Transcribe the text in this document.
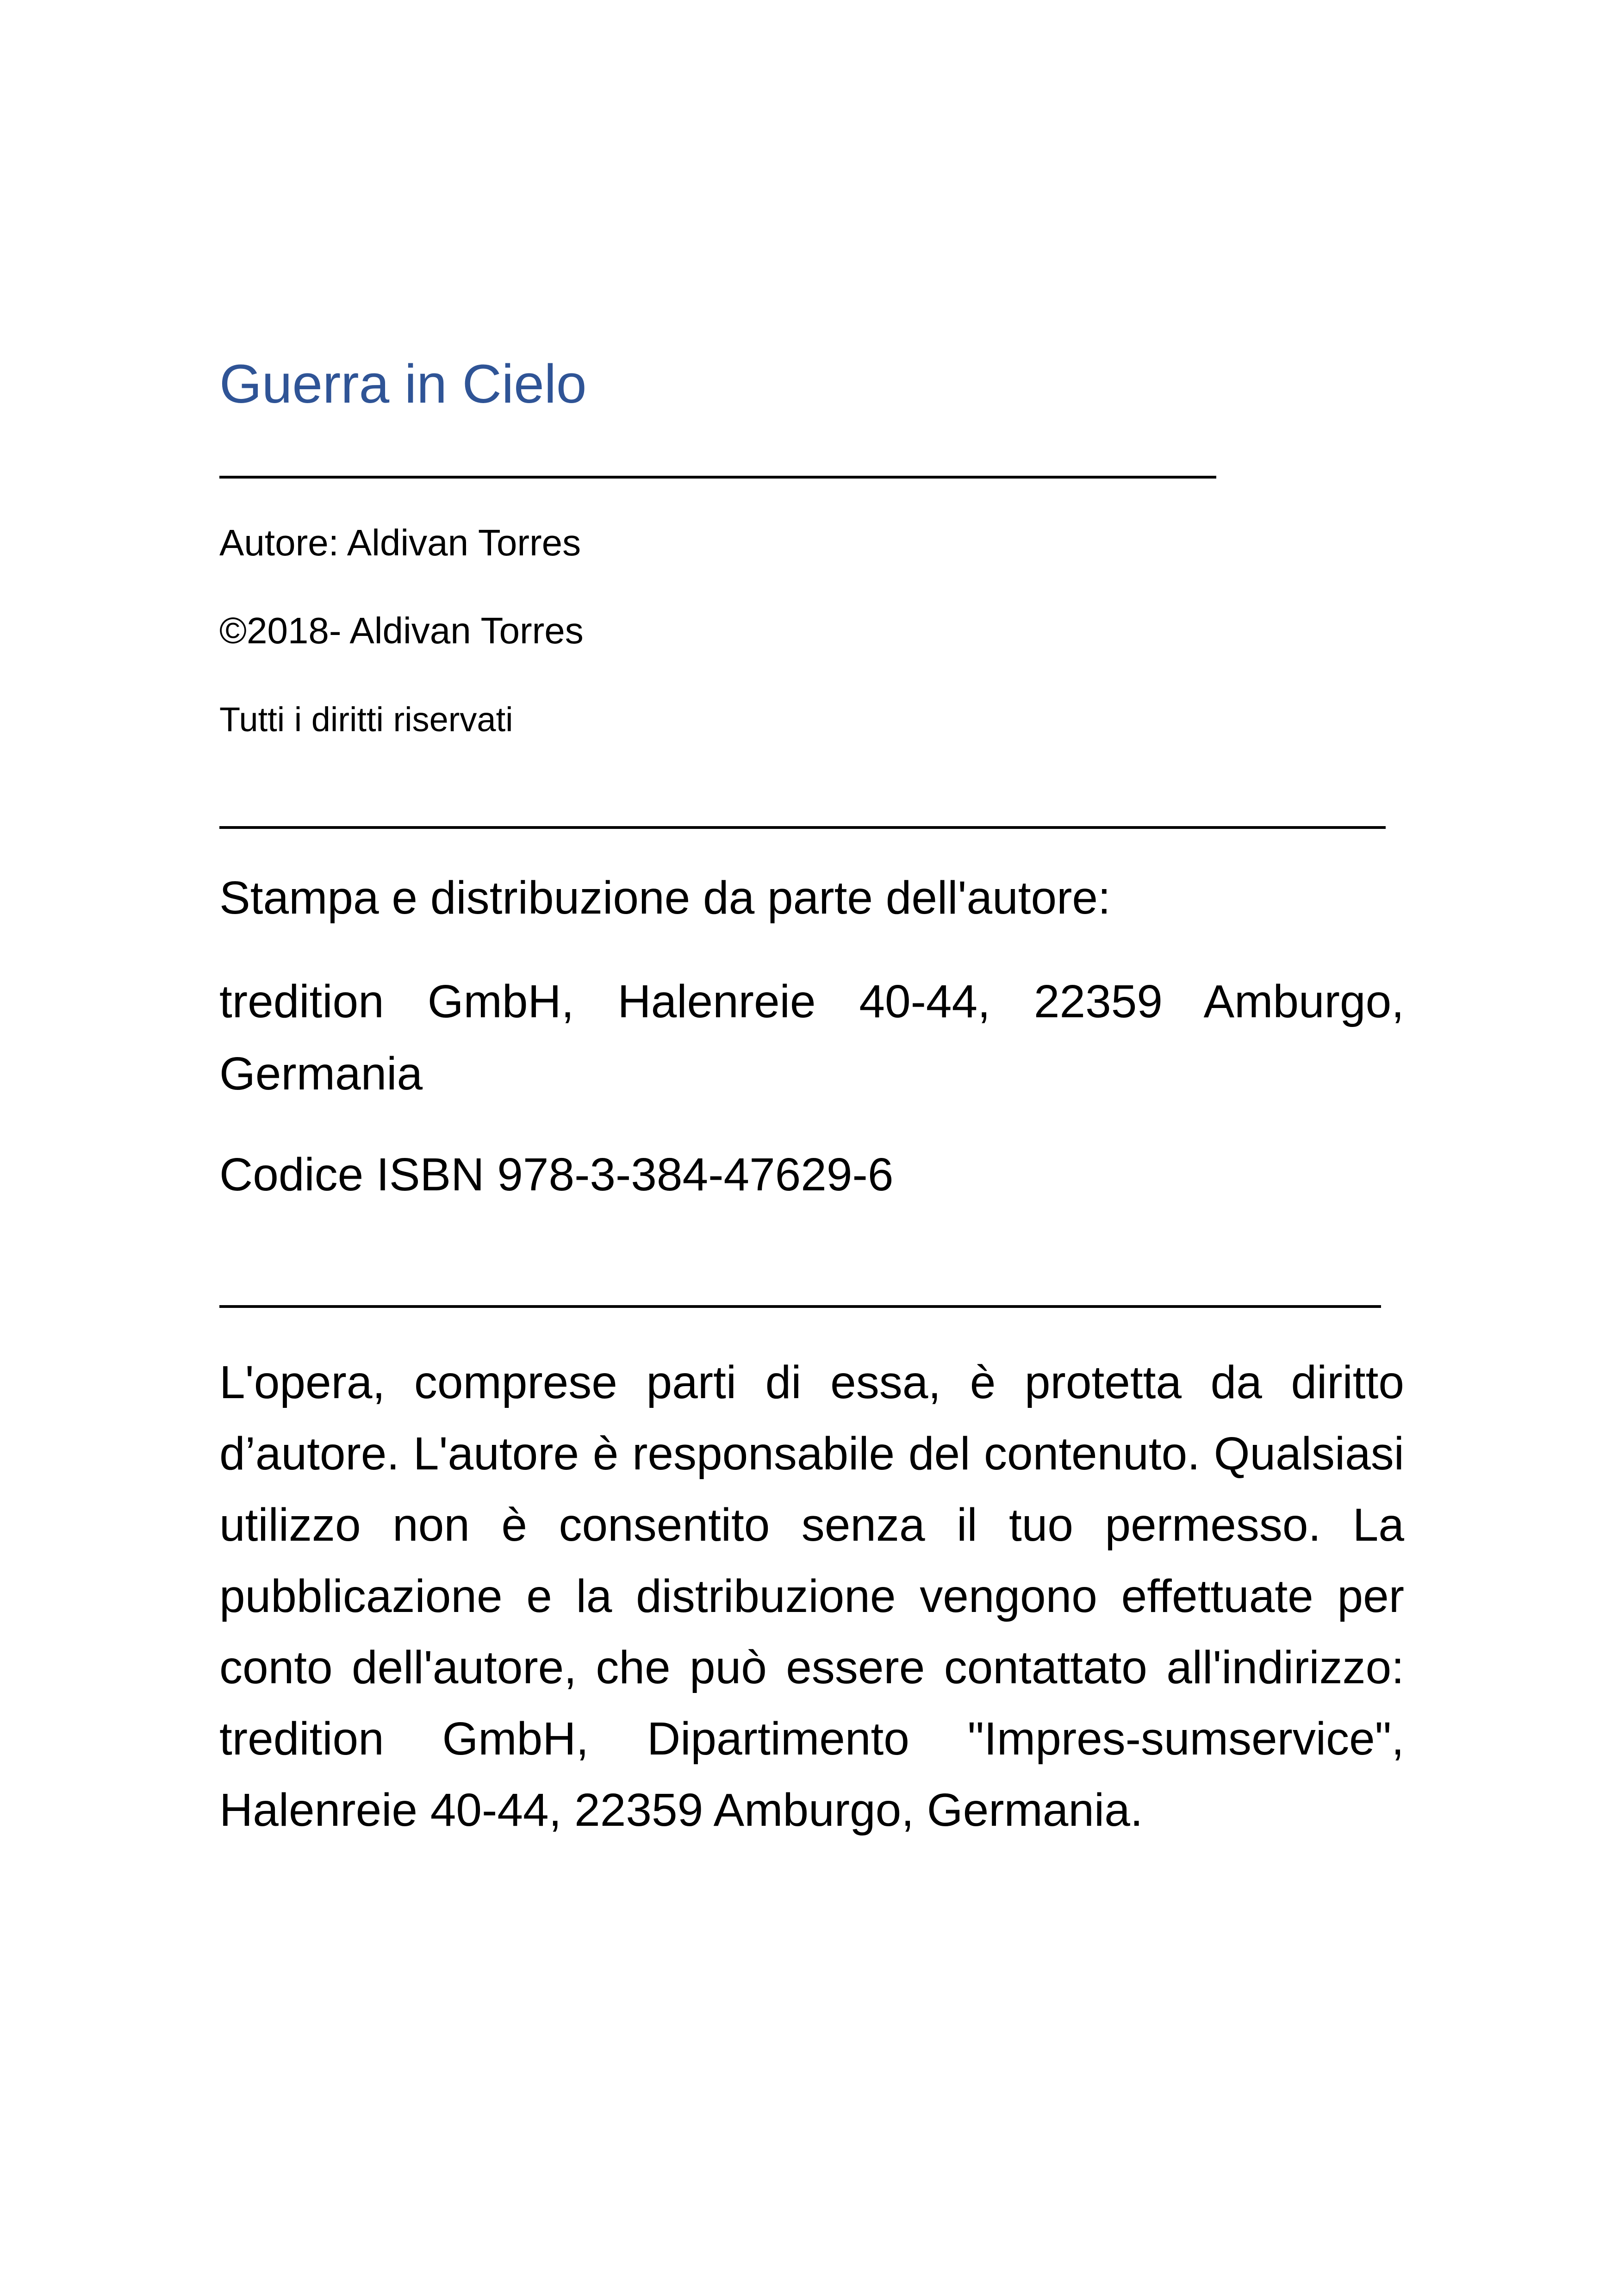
Guerra in Cielo
Autore: Aldivan Torres
©2018- Aldivan Torres
Tutti i diritti riservati
Stampa e distribuzione da parte dell'autore:
tredition GmbH, Halenreie 40-44, 22359 Amburgo, Germania
Codice ISBN 978-3-384-47629-6

L'opera, comprese parti di essa, è protetta da diritto d’autore. L'autore è responsabile del contenuto. Qualsiasi utilizzo non è consentito senza il tuo permesso. La pubblicazione e la distribuzione vengono effettuate per conto dell'autore, che può essere contattato all'indirizzo: tredition GmbH, Dipartimento "Impres-sumservice", Halenreie 40-44, 22359 Amburgo, Germania.
